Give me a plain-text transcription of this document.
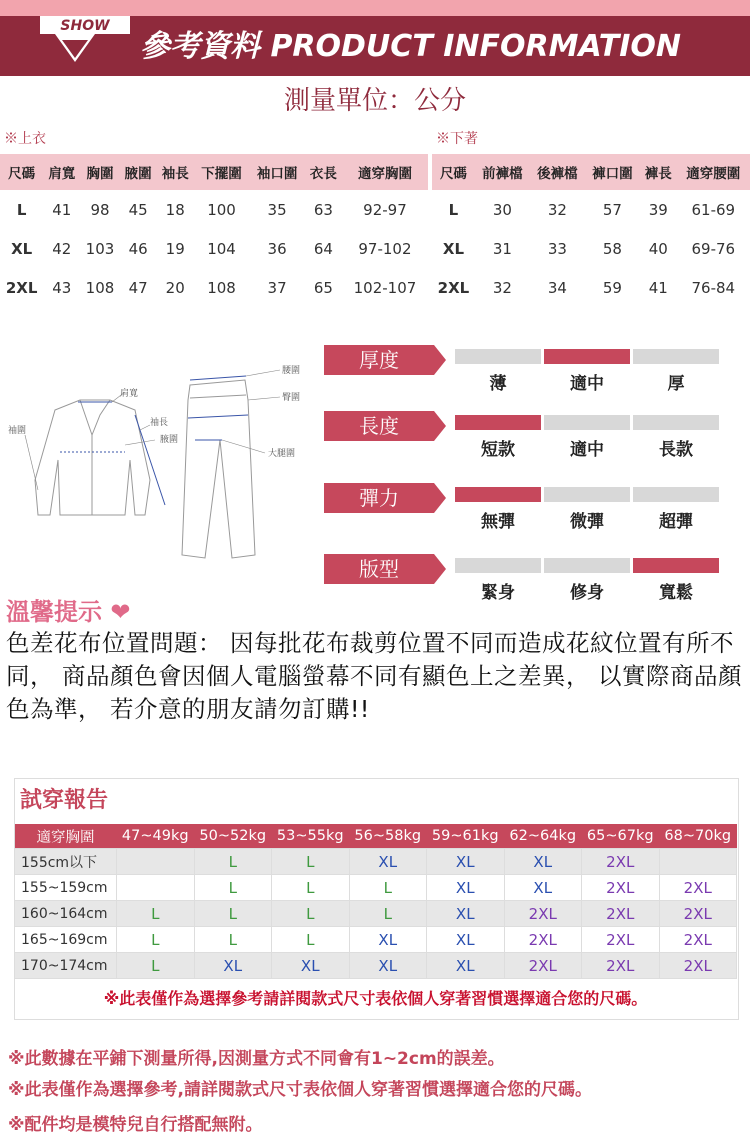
SHOW
參考資料 PRODUCT INFORMATION
測量單位：公分
※上衣
尺碼	肩寬	胸圍	腋圍	袖長	下擺圍	袖口圍	衣長	適穿胸圍
L	41	98	45	18	100	35	63	92-97
XL	42	103	46	19	104	36	64	97-102
2XL	43	108	47	20	108	37	65	102-107
※下著
尺碼	前褲檔	後褲檔	褲口圍	褲長	適穿腰圍
L	30	32	57	39	61-69
XL	31	33	58	40	69-76
2XL	32	34	59	41	76-84
肩寬
袖圍
袖長
腋圍
腰圍
臀圍
大腿圍
厚度
薄	適中	厚
長度
短款	適中	長款
彈力
無彈	微彈	超彈
版型
緊身	修身	寬鬆
溫馨提示 ❤
色差花布位置問題： 因每批花布裁剪位置不同而造成花紋位置有所不同， 商品顏色會因個人電腦螢幕不同有顯色上之差異， 以實際商品顏色為準， 若介意的朋友請勿訂購!!
試穿報告
適穿胸圍	47~49kg	50~52kg	53~55kg	56~58kg	59~61kg	62~64kg	65~67kg	68~70kg
155cm以下		L	L	XL	XL	XL	2XL	
155~159cm		L	L	L	XL	XL	2XL	2XL
160~164cm	L	L	L	L	XL	2XL	2XL	2XL
165~169cm	L	L	L	XL	XL	2XL	2XL	2XL
170~174cm	L	XL	XL	XL	XL	2XL	2XL	2XL
※此表僅作為選擇參考請詳閱款式尺寸表依個人穿著習慣選擇適合您的尺碼。
※此數據在平鋪下測量所得,因測量方式不同會有1~2cm的誤差。
※此表僅作為選擇參考,請詳閱款式尺寸表依個人穿著習慣選擇適合您的尺碼。
※配件均是模特兒自行搭配無附。
